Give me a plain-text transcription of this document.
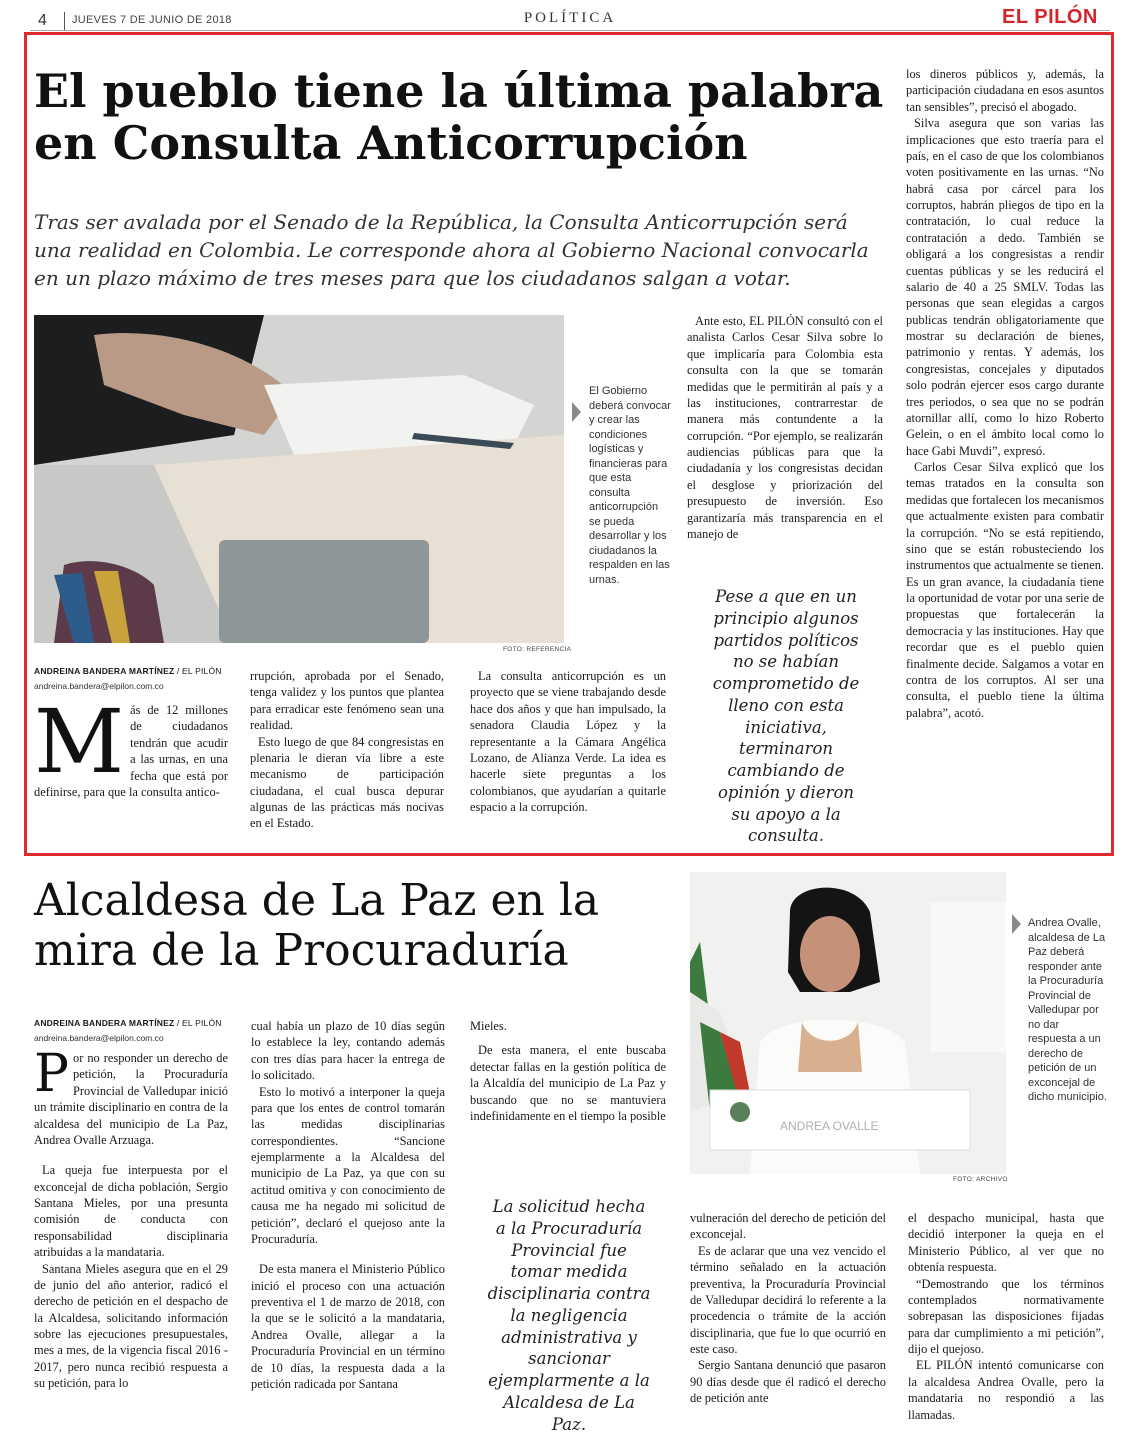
4 JUEVES 7 DE JUNIO DE 2018	POLÍTICA	EL PILÓN
El pueblo tiene la última palabra en Consulta Anticorrupción
Tras ser avalada por el Senado de la República, la Consulta Anticorrupción será una realidad en Colombia. Le corresponde ahora al Gobierno Nacional convocarla en un plazo máximo de tres meses para que los ciudadanos salgan a votar.
FOTO: REFERENCIA
El Gobierno deberá convocar y crear las condiciones logísticas y financieras para que esta consulta anticorrupción se pueda desarrollar y los ciudadanos la respalden en las urnas.
ANDREINA BANDERA MARTÍNEZ / EL PILÓN
andreina.bandera@elpilon.com.co
Más de 12 millones de ciudadanos tendrán que acudir a las urnas, en una fecha que está por definirse, para que la consulta antico-

rrupción, aprobada por el Senado, tenga validez y los puntos que plantea para erradicar este fenómeno sean una realidad.

Esto luego de que 84 congresistas en plenaria le dieran vía libre a este mecanismo de participación ciudadana, el cual busca depurar algunas de las prácticas más nocivas en el Estado.

La consulta anticorrupción es un proyecto que se viene trabajando desde hace dos años y que han impulsado, la senadora Claudia López y la representante a la Cámara Angélica Lozano, de Alianza Verde. La idea es hacerle siete preguntas a los colombianos, que ayudarían a quitarle espacio a la corrupción.

Ante esto, EL PILÓN consultó con el analista Carlos Cesar Silva sobre lo que implicaría para Colombia esta consulta con la que se tomarán medidas que le permitirán al país y a las instituciones, contrarrestar de manera más contundente a la corrupción. “Por ejemplo, se realizarán audiencias públicas para que la ciudadanía y los congresistas decidan el desglose y priorización del presupuesto de inversión. Eso garantizaría más transparencia en el manejo de

Pese a que en un principio algunos partidos políticos no se habían comprometido de lleno con esta iniciativa, terminaron cambiando de opinión y dieron su apoyo a la consulta.

los dineros públicos y, además, la participación ciudadana en esos asuntos tan sensibles”, precisó el abogado.

Silva asegura que son varias las implicaciones que esto traería para el país, en el caso de que los colombianos voten positivamente en las urnas. “No habrá casa por cárcel para los corruptos, habrán pliegos de tipo en la contratación, lo cual reduce la contratación a dedo. También se obligará a los congresistas a rendir cuentas públicas y se les reducirá el salario de 40 a 25 SMLV. Todas las personas que sean elegidas a cargos publicas tendrán obligatoriamente que mostrar su declaración de bienes, patrimonio y rentas. Y además, los congresistas, concejales y diputados solo podrán ejercer esos cargo durante tres periodos, o sea que no se podrán atornillar allí, como lo hizo Roberto Gelein, o en el ámbito local como lo hace Gabi Muvdi”, expresó.

Carlos Cesar Silva explicó que los temas tratados en la consulta son medidas que fortalecen los mecanismos que actualmente existen para combatir la corrupción. “No se está repitiendo, sino que se están robusteciendo los instrumentos que actualmente se tienen. Es un gran avance, la ciudadanía tiene la oportunidad de votar por una serie de propuestas que fortalecerán la democracia y las instituciones. Hay que recordar que es el pueblo quien finalmente decide. Salgamos a votar en contra de los corruptos. Al ser una consulta, el pueblo tiene la última palabra”, acotó.

Alcaldesa de La Paz en la mira de la Procuraduría
ANDREINA BANDERA MARTÍNEZ / EL PILÓN
andreina.bandera@elpilon.com.co

Por no responder un derecho de petición, la Procuraduría Provincial de Valledupar inició un trámite disciplinario en contra de la alcaldesa del municipio de La Paz, Andrea Ovalle Arzuaga.

La queja fue interpuesta por el exconcejal de dicha población, Sergio Santana Mieles, por una presunta comisión de conducta con responsabilidad disciplinaria atribuidas a la mandataria.

Santana Mieles asegura que en el 29 de junio del año anterior, radicó el derecho de petición en el despacho de la Alcaldesa, solicitando información sobre las ejecuciones presupuestales, mes a mes, de la vigencia fiscal 2016 - 2017, pero nunca recibió respuesta a su petición, para lo

cual había un plazo de 10 días según lo establece la ley, contando además con tres días para hacer la entrega de lo solicitado.

Esto lo motivó a interponer la queja para que los entes de control tomarán las medidas disciplinarias correspondientes. “Sancione ejemplarmente a la Alcaldesa del municipio de La Paz, ya que con su actitud omitiva y con conocimiento de causa me ha negado mi solicitud de petición”, declaró el quejoso ante la Procuraduría.

De esta manera el Ministerio Público inició el proceso con una actuación preventiva el 1 de marzo de 2018, con la que se le solicitó a la mandataria, Andrea Ovalle, allegar a la Procuraduría Provincial en un término de 10 días, la respuesta dada a la petición radicada por Santana

Mieles.

De esta manera, el ente buscaba detectar fallas en la gestión política de la Alcaldía del municipio de La Paz y buscando que no se mantuviera indefinidamente en el tiempo la posible

La solicitud hecha a la Procuraduría Provincial fue tomar medida disciplinaria contra la negligencia administrativa y sancionar ejemplarmente a la Alcaldesa de La Paz.
ANDREA OVALLE
FOTO: ARCHIVO
Andrea Ovalle, alcaldesa de La Paz deberá responder ante la Procuraduría Provincial de Valledupar por no dar respuesta a un derecho de petición de un exconcejal de dicho municipio.

vulneración del derecho de petición del exconcejal.

Es de aclarar que una vez vencido el término señalado en la actuación preventiva, la Procuraduría Provincial de Valledupar decidirá lo referente a la procedencia o trámite de la acción disciplinaria, que fue lo que ocurrió en este caso.

Sergio Santana denunció que pasaron 90 días desde que él radicó el derecho de petición ante

el despacho municipal, hasta que decidió interponer la queja en el Ministerio Público, al ver que no obtenía respuesta.

“Demostrando que los términos contemplados normativamente sobrepasan las disposiciones fijadas para dar cumplimiento a mi petición”, dijo el quejoso.

EL PILÓN intentó comunicarse con la alcaldesa Andrea Ovalle, pero la mandataria no respondió a las llamadas.
